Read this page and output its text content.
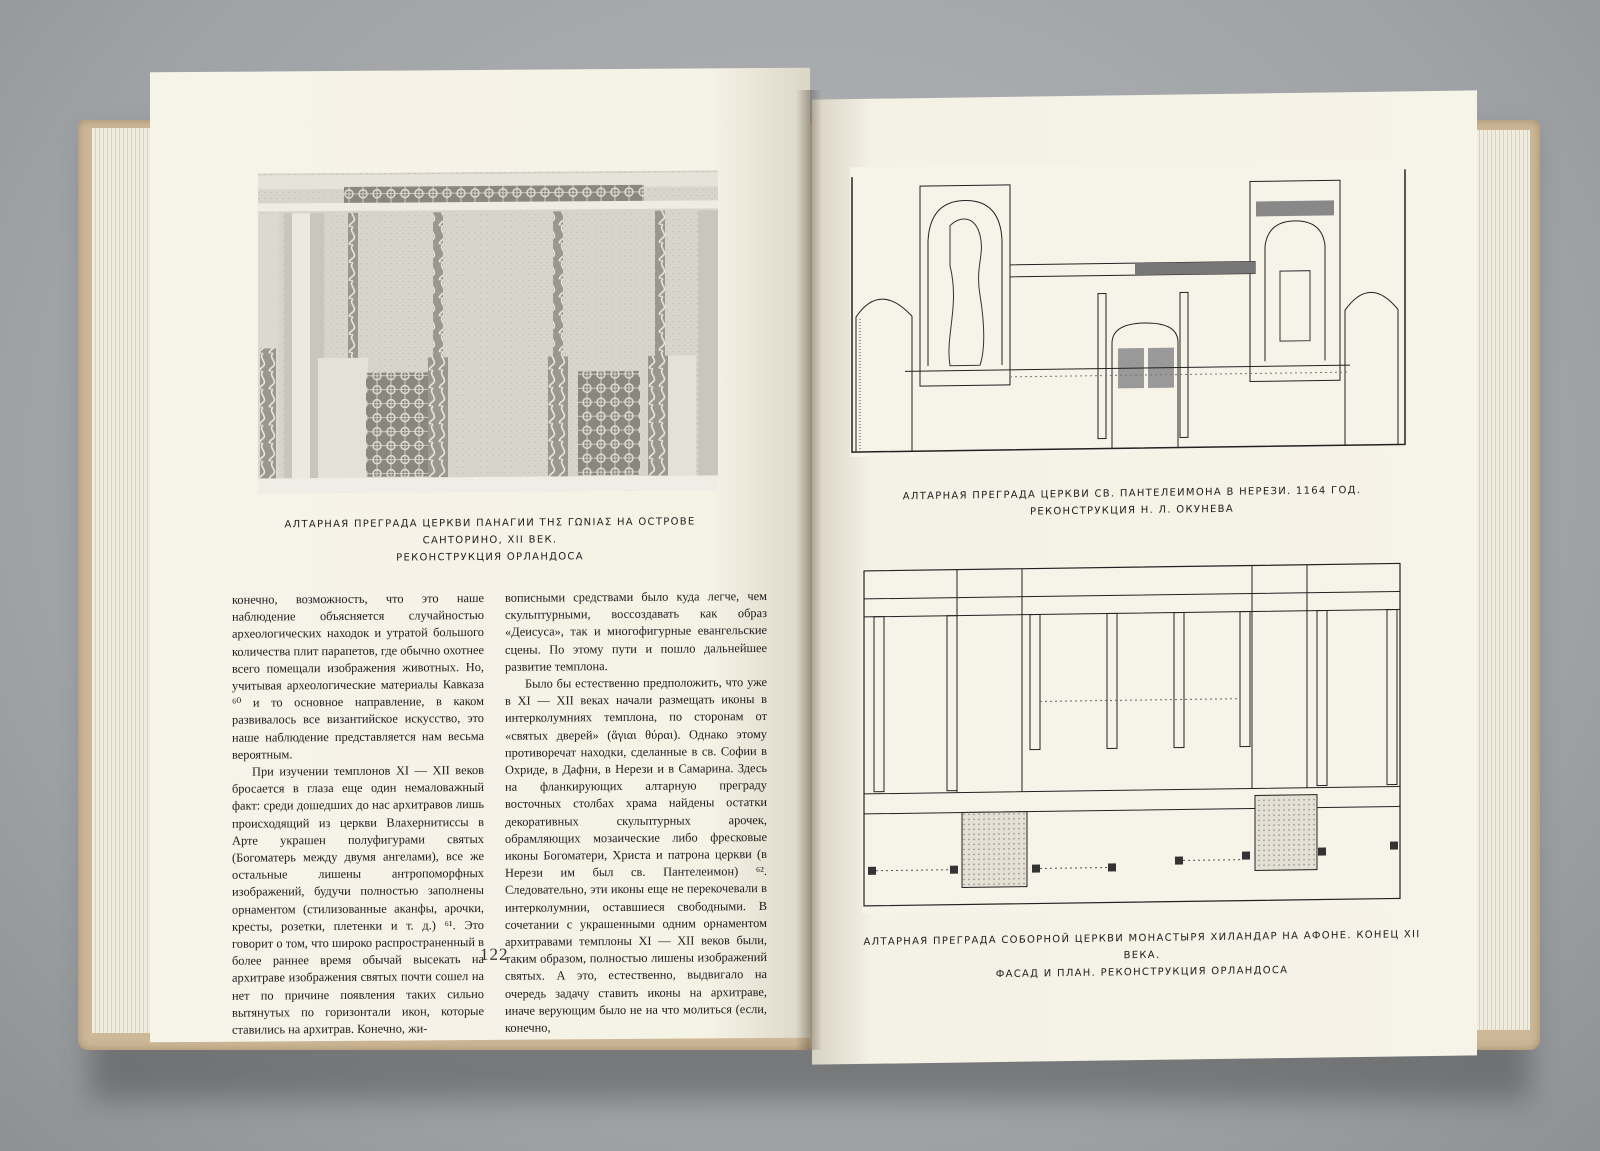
АЛТАРНАЯ ПРЕГРАДА ЦЕРКВИ ПАНАГИИ ΤΗΣ ΓΩΝΙΑΣ НА ОСТРОВЕ САНТОРИНО, XII ВЕК.
РЕКОНСТРУКЦИЯ ОРЛАНДОСА

конечно, возможность, что это наше наблюдение объясняется случайностью археологических находок и утратой большого количества плит парапетов, где обычно охотнее всего помещали изображения животных. Но, учитывая археологические материалы Кавказа ⁶⁰ и то основное направление, в каком развивалось все византийское искусство, это наше наблюдение представляется нам весьма вероятным.

При изучении темплонов XI — XII веков бросается в глаза еще один немаловажный факт: среди дошедших до нас архитравов лишь происходящий из церкви Влахернитиссы в Арте украшен полуфигурами святых (Богоматерь между двумя ангелами), все же остальные лишены антропоморфных изображений, будучи полностью заполнены орнаментом (стилизованные аканфы, арочки, кресты, розетки, плетенки и т. д.) ⁶¹. Это говорит о том, что широко распространенный в более раннее время обычай высекать на архитраве изображения святых почти сошел на нет по причине появления таких сильно вытянутых по горизонтали икон, которые ставились на архитрав. Конечно, жи-

вописными средствами было куда легче, чем скульптурными, воссоздавать как образ «Деисуса», так и многофигурные евангельские сцены. По этому пути и пошло дальнейшее развитие темплона.

Было бы естественно предположить, что уже в XI — XII веках начали размещать иконы в интерколумниях темплона, по сторонам от «святых дверей» (ἅγιαι θύραι). Однако этому противоречат находки, сделанные в св. Софии в Охриде, в Дафни, в Нерези и в Самарина. Здесь на фланкирующих алтарную преграду восточных столбах храма найдены остатки декоративных скульптурных арочек, обрамляющих мозаические либо фресковые иконы Богоматери, Христа и патрона церкви (в Нерези им был св. Пантелеимон) ⁶². Следовательно, эти иконы еще не перекочевали в интерколумнии, оставшиеся свободными. В сочетании с украшенными одним орнаментом архитравами темплоны XI — XII веков были, таким образом, полностью лишены изображений святых. А это, естественно, выдвигало на очередь задачу ставить иконы на архитраве, иначе верующим было не на что молиться (если, конечно,

122
АЛТАРНАЯ ПРЕГРАДА ЦЕРКВИ СВ. ПАНТЕЛЕИМОНА В НЕРЕЗИ. 1164 ГОД.
РЕКОНСТРУКЦИЯ Н. Л. ОКУНЕВА
АЛТАРНАЯ ПРЕГРАДА СОБОРНОЙ ЦЕРКВИ МОНАСТЫРЯ ХИЛАНДАР НА АФОНЕ. КОНЕЦ XII ВЕКА.
ФАСАД И ПЛАН. РЕКОНСТРУКЦИЯ ОРЛАНДОСА
